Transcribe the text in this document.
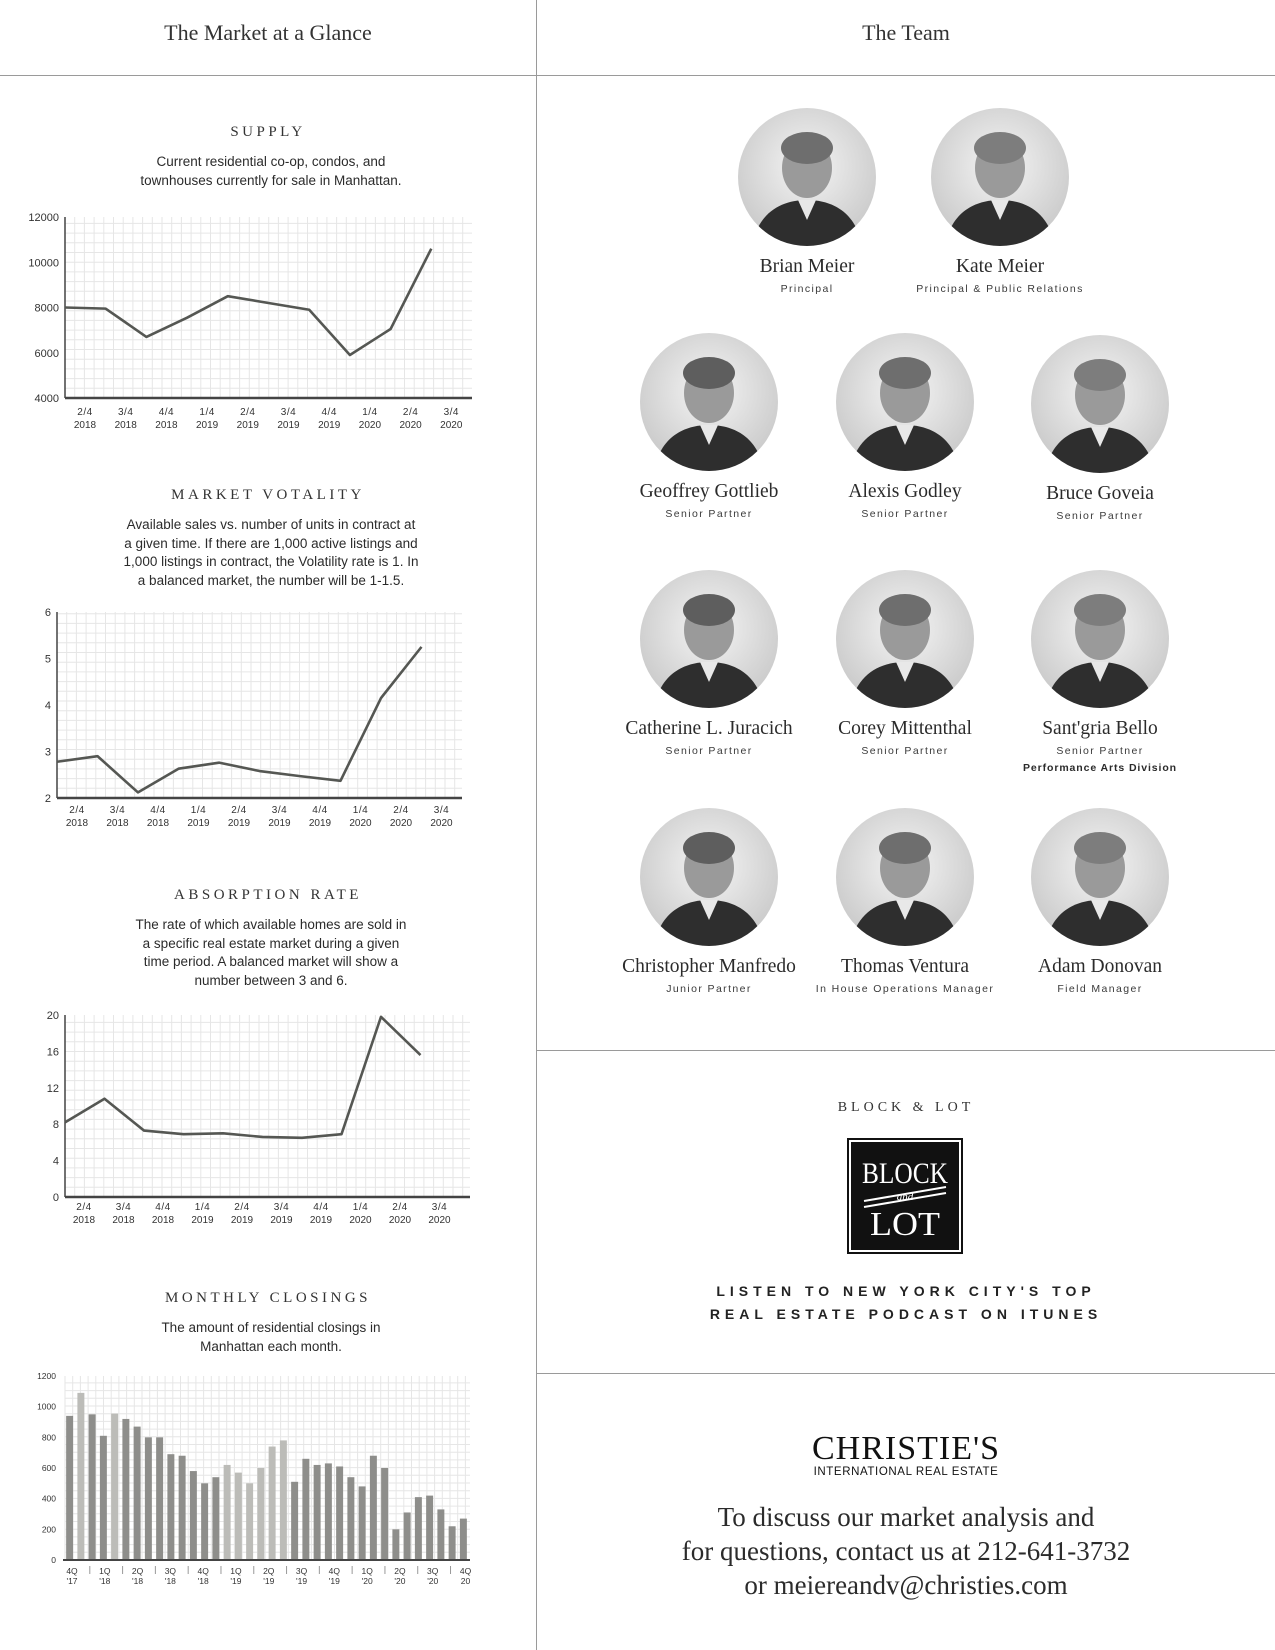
The Market at a Glance	The Team
SUPPLY
Current residential co-op, condos, and
townhouses currently for sale in Manhattan.
4000
6000
8000
10000
12000
2/4
2018
3/4
2018
4/4
2018
1/4
2019
2/4
2019
3/4
2019
4/4
2019
1/4
2020
2/4
2020
3/4
2020
MARKET VOTALITY
Available sales vs. number of units in contract at
a given time. If there are 1,000 active listings and
1,000 listings in contract, the Volatility rate is 1. In
a balanced market, the number will be 1-1.5.
2
3
4
5
6
2/4
2018
3/4
2018
4/4
2018
1/4
2019
2/4
2019
3/4
2019
4/4
2019
1/4
2020
2/4
2020
3/4
2020
ABSORPTION RATE
The rate of which available homes are sold in
a specific real estate market during a given
time period. A balanced market will show a
number between 3 and 6.
0
4
8
12
16
20
2/4
2018
3/4
2018
4/4
2018
1/4
2019
2/4
2019
3/4
2019
4/4
2019
1/4
2020
2/4
2020
3/4
2020
MONTHLY CLOSINGS
The amount of residential closings in
Manhattan each month.
0
200
400
600
800
1000
1200
4Q
'17
1Q
'18
2Q
'18
3Q
'18
4Q
'18
1Q
'19
2Q
'19
3Q
'19
4Q
'19
1Q
'20
2Q
'20
3Q
'20
4Q
20
Brian Meier
Principal
Kate Meier
Principal & Public Relations
Geoffrey Gottlieb
Senior Partner
Alexis Godley
Senior Partner
Bruce Goveia
Senior Partner
Catherine L. Juracich
Senior Partner
Corey Mittenthal
Senior Partner
Sant'gria Bello
Senior Partner
Performance Arts Division
Christopher Manfredo
Junior Partner
Thomas Ventura
In House Operations Manager
Adam Donovan
Field Manager
BLOCK & LOT
BLOCK
and
LOT
LISTEN TO NEW YORK CITY'S TOP
REAL ESTATE PODCAST ON ITUNES
CHRISTIE'S
INTERNATIONAL REAL ESTATE
To discuss our market analysis and
for questions, contact us at 212-641-3732
or meiereandv@christies.com
